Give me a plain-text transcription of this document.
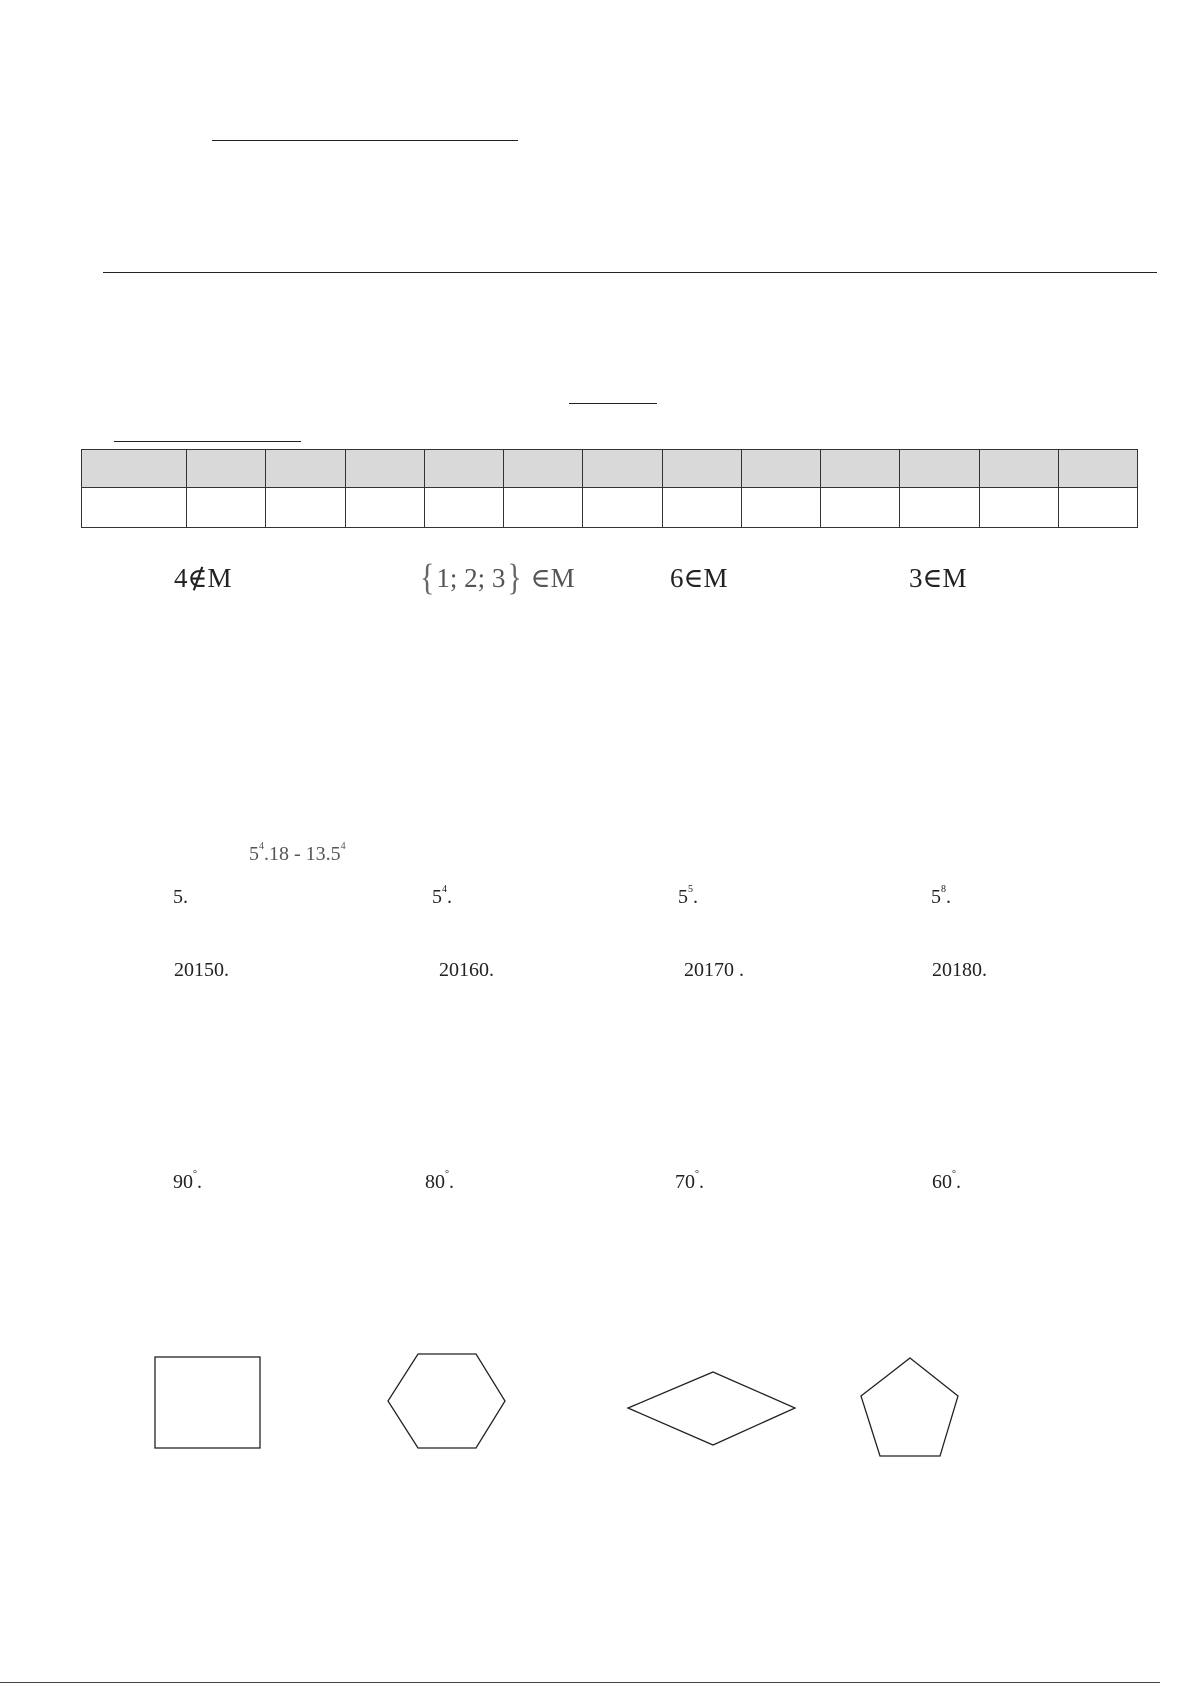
4∉M	{1; 2; 3} ∈M	6∈M	3∈M
$5^4.18 - 13.5^4$
5.	$5^4$.	$5^5$.	$5^8$.
20150.	20160.	20170 .	20180.
90°.	80°.	70°.	60°.
